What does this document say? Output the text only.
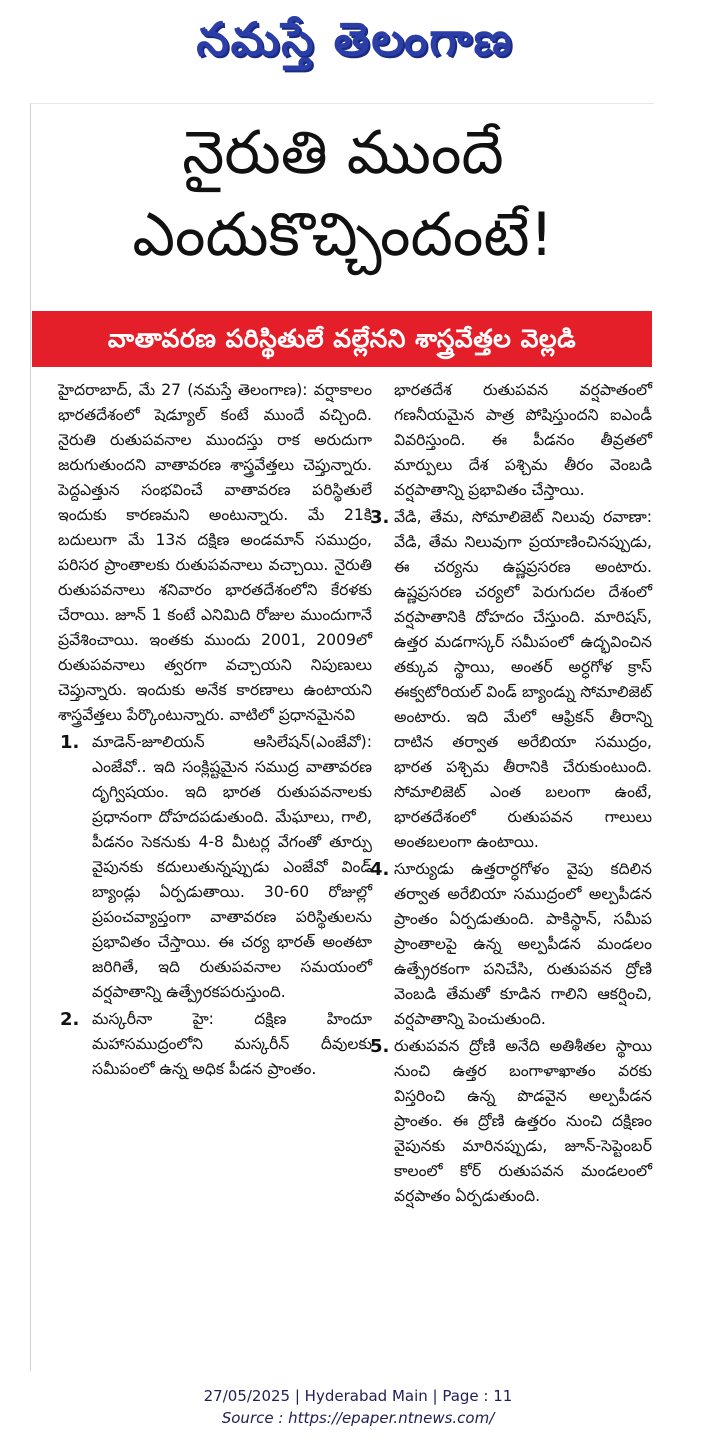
నమస్తే తెలంగాణ
నైరుతి ముందే
ఎందుకొచ్చిందంటే!
వాతావరణ పరిస్థితులే వల్లేనని శాస్త్రవేత్తల వెల్లడి

హైదరాబాద్, మే 27 (నమస్తే తెలంగాణ): వర్షాకాలం భారతదేశంలో షెడ్యూల్ కంటే ముందే వచ్చింది. నైరుతి రుతుపవనాల ముందస్తు రాక అరుదుగా జరుగుతుందని వాతావరణ శాస్త్రవేత్తలు చెప్తున్నారు. పెద్దఎత్తున సంభవించే వాతావరణ పరిస్థితులే ఇందుకు కారణమని అంటున్నారు. మే 21కి బదులుగా మే 13న దక్షిణ అండమాన్ సముద్రం, పరిసర ప్రాంతాలకు రుతుపవనాలు వచ్చాయి. నైరుతి రుతుపవనాలు శనివారం భారతదేశంలోని కేరళకు చేరాయి. జూన్ 1 కంటే ఎనిమిది రోజుల ముందుగానే ప్రవేశించాయి. ఇంతకు ముందు 2001, 2009లో రుతుపవనాలు త్వరగా వచ్చాయని నిపుణులు చెప్తున్నారు. ఇందుకు అనేక కారణాలు ఉంటాయని శాస్త్రవేత్తలు పేర్కొంటున్నారు. వాటిలో ప్రధానమైనవి

1. మాడెన్-జూలియన్ ఆసిలేషన్(ఎంజేవో): ఎంజేవో.. ఇది సంక్లిష్టమైన సముద్ర వాతావరణ దృగ్విషయం. ఇది భారత రుతుపవనాలకు ప్రధానంగా దోహదపడుతుంది. మేఘాలు, గాలి, పీడనం సెకనుకు 4-8 మీటర్ల వేగంతో తూర్పు వైపునకు కదులుతున్నప్పుడు ఎంజేవో విండ్ బ్యాండ్లు ఏర్పడుతాయి. 30-60 రోజుల్లో ప్రపంచవ్యాప్తంగా వాతావరణ పరిస్థితులను ప్రభావితం చేస్తాయి. ఈ చర్య భారత్ అంతటా జరిగితే, ఇది రుతుపవనాల సమయంలో వర్షపాతాన్ని ఉత్ప్రేరకపరుస్తుంది.
2. మస్కరీనా హై: దక్షిణ హిందూ మహాసముద్రంలోని మస్కరీన్ దీవులకు సమీపంలో ఉన్న అధిక పీడన ప్రాంతం.

భారతదేశ రుతుపవన వర్షపాతంలో గణనీయమైన పాత్ర పోషిస్తుందని ఐఎండీ వివరిస్తుంది. ఈ పీడనం తీవ్రతలో మార్పులు దేశ పశ్చిమ తీరం వెంబడి వర్షపాతాన్ని ప్రభావితం చేస్తాయి.

3. వేడి, తేమ, సోమాలిజెట్ నిలువు రవాణా: వేడి, తేమ నిలువుగా ప్రయాణించినప్పుడు, ఈ చర్యను ఉష్ణప్రసరణ అంటారు. ఉష్ణప్రసరణ చర్యలో పెరుగుదల దేశంలో వర్షపాతానికి దోహదం చేస్తుంది. మారిషస్, ఉత్తర మడగాస్కర్ సమీపంలో ఉద్భవించిన తక్కువ స్థాయి, అంతర్ అర్ధగోళ క్రాస్ ఈక్వటోరియల్ విండ్ బ్యాండ్ను సోమాలిజెట్ అంటారు. ఇది మేలో ఆఫ్రికన్ తీరాన్ని దాటిన తర్వాత అరేబియా సముద్రం, భారత పశ్చిమ తీరానికి చేరుకుంటుంది. సోమాలిజెట్ ఎంత బలంగా ఉంటే, భారతదేశంలో రుతుపవన గాలులు అంతబలంగా ఉంటాయి.
4. సూర్యుడు ఉత్తరార్ధగోళం వైపు కదిలిన తర్వాత అరేబియా సముద్రంలో అల్పపీడన ప్రాంతం ఏర్పడుతుంది. పాకిస్థాన్, సమీప ప్రాంతాలపై ఉన్న అల్పపీడన మండలం ఉత్ప్రేరకంగా పనిచేసి, రుతుపవన ద్రోణి వెంబడి తేమతో కూడిన గాలిని ఆకర్షించి, వర్షపాతాన్ని పెంచుతుంది.
5. రుతుపవన ద్రోణి అనేది అతిశీతల స్థాయి నుంచి ఉత్తర బంగాళాఖాతం వరకు విస్తరించి ఉన్న పొడవైన అల్పపీడన ప్రాంతం. ఈ ద్రోణి ఉత్తరం నుంచి దక్షిణం వైపునకు మారినప్పుడు, జూన్-సెప్టెంబర్ కాలంలో కోర్ రుతుపవన మండలంలో వర్షపాతం ఏర్పడుతుంది.
27/05/2025 | Hyderabad Main | Page : 11
Source : https://epaper.ntnews.com/
